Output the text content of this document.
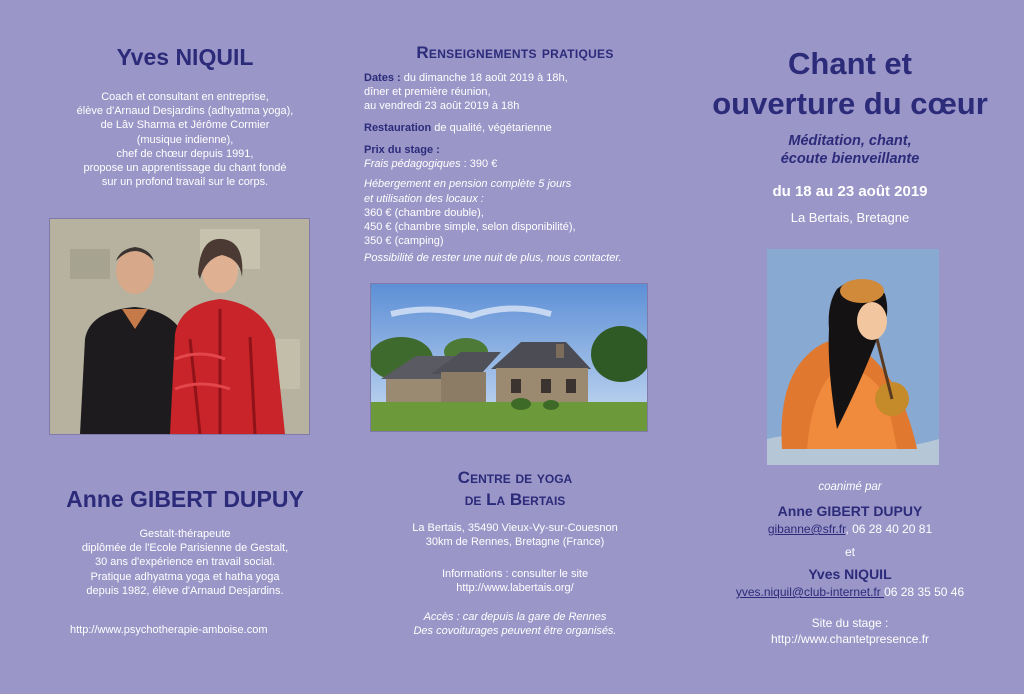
Yves NIQUIL
Coach et consultant en entreprise,
élève d'Arnaud Desjardins (adhyatma yoga),
de Lâv Sharma et Jérôme Cormier
(musique indienne),
chef de chœur depuis 1991,
propose un apprentissage du chant fondé
sur un profond travail sur le corps.
Anne GIBERT DUPUY
Gestalt-thérapeute
diplômée de l'Ecole Parisienne de Gestalt,
30 ans d'expérience en travail social.
Pratique adhyatma yoga et hatha yoga
depuis 1982, élève d'Arnaud Desjardins.
http://www.psychotherapie-amboise.com
Renseignements pratiques
Dates : du dimanche 18 août 2019 à 18h,
dîner et première réunion,
au vendredi 23 août 2019 à 18h
Restauration de qualité, végétarienne
Prix du stage :
Frais pédagogiques : 390 €
Hébergement en pension complète 5 jours
et utilisation des locaux :
360 € (chambre double),
450 € (chambre simple, selon disponibilité),
350 € (camping)
Possibilité de rester une nuit de plus, nous contacter.
Centre de yoga
de La Bertais
La Bertais, 35490 Vieux-Vy-sur-Couesnon
30km de Rennes, Bretagne (France)
Informations : consulter le site
http://www.labertais.org/
Accès : car depuis la gare de Rennes
Des covoiturages peuvent être organisés.
Chant et
ouverture du cœur
Méditation, chant,
écoute bienveillante
du 18 au 23 août 2019
La Bertais, Bretagne
coanimé par
Anne GIBERT DUPUY
gibanne@sfr.fr, 06 28 40 20 81
et
Yves NIQUIL
yves.niquil@club-internet.fr 06 28 35 50 46
Site du stage :
http://www.chantetpresence.fr
